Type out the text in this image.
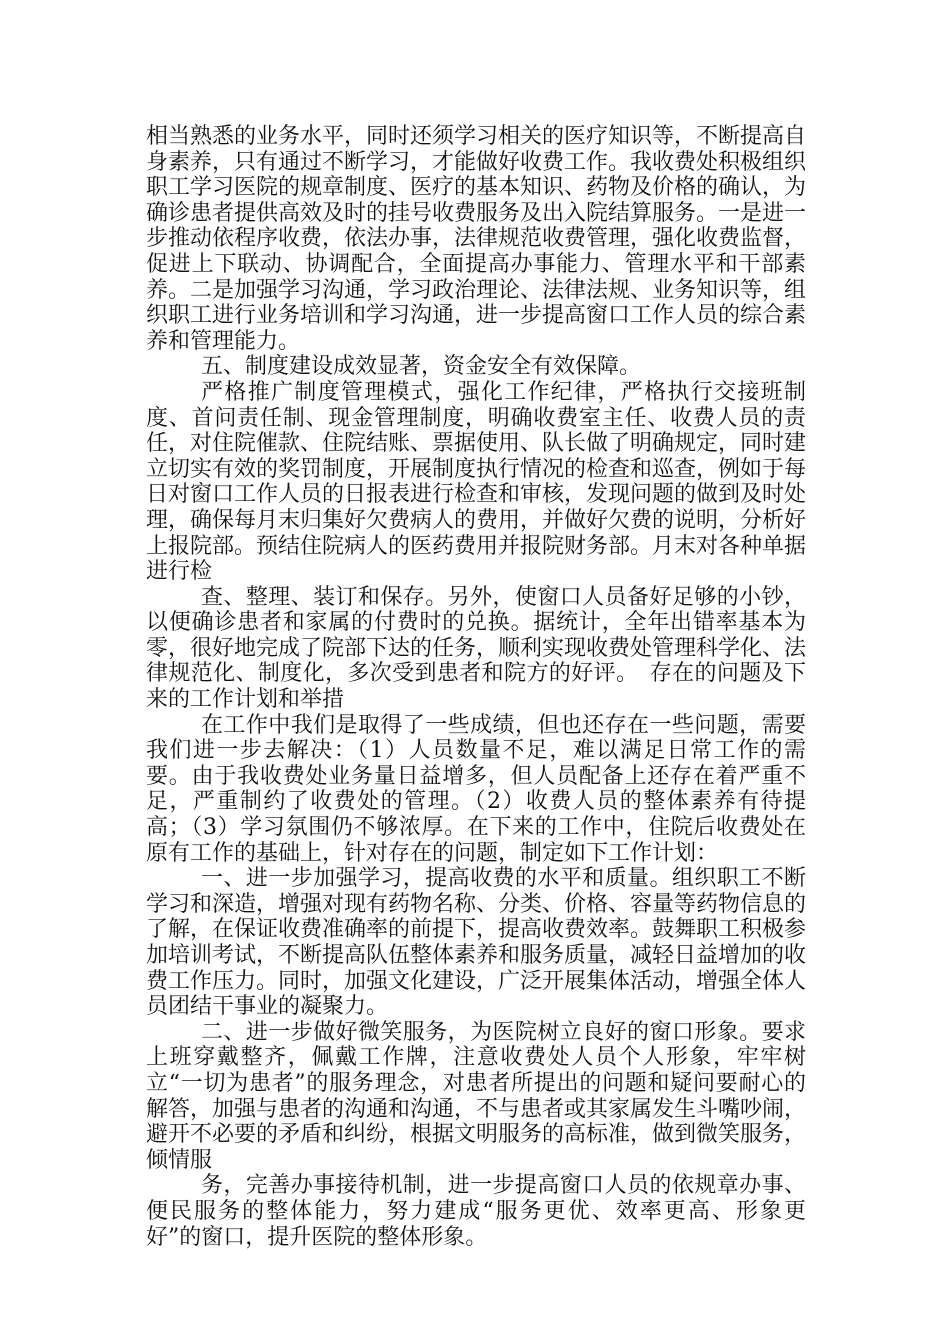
相当熟悉的业务水平，同时还须学习相关的医疗知识等，不断提高自身素养，只有通过不断学习，才能做好收费工作。我收费处积极组织职工学习医院的规章制度、医疗的基本知识、药物及价格的确认，为确诊患者提供高效及时的挂号收费服务及出入院结算服务。一是进一步推动依程序收费，依法办事，法律规范收费管理，强化收费监督，促进上下联动、协调配合，全面提高办事能力、管理水平和干部素养。二是加强学习沟通，学习政治理论、法律法规、业务知识等，组织职工进行业务培训和学习沟通，进一步提高窗口工作人员的综合素养和管理能力。

五、制度建设成效显著，资金安全有效保障。

严格推广制度管理模式，强化工作纪律，严格执行交接班制度、首问责任制、现金管理制度，明确收费室主任、收费人员的责任，对住院催款、住院结账、票据使用、队长做了明确规定，同时建立切实有效的奖罚制度，开展制度执行情况的检查和巡查，例如于每日对窗口工作人员的日报表进行检查和审核，发现问题的做到及时处理，确保每月末归集好欠费病人的费用，并做好欠费的说明，分析好上报院部。预结住院病人的医药费用并报院财务部。月末对各种单据进行检

查、整理、装订和保存。另外，使窗口人员备好足够的小钞，以便确诊患者和家属的付费时的兑换。据统计，全年出错率基本为零，很好地完成了院部下达的任务，顺利实现收费处管理科学化、法律规范化、制度化，多次受到患者和院方的好评。　存在的问题及下来的工作计划和举措

在工作中我们是取得了一些成绩，但也还存在一些问题，需要我们进一步去解决：（1）人员数量不足，难以满足日常工作的需要。由于我收费处业务量日益增多，但人员配备上还存在着严重不足，严重制约了收费处的管理。（2）收费人员的整体素养有待提高；（3）学习氛围仍不够浓厚。在下来的工作中，住院后收费处在原有工作的基础上，针对存在的问题，制定如下工作计划：

一、进一步加强学习，提高收费的水平和质量。组织职工不断学习和深造，增强对现有药物名称、分类、价格、容量等药物信息的了解，在保证收费准确率的前提下，提高收费效率。鼓舞职工积极参加培训考试，不断提高队伍整体素养和服务质量，减轻日益增加的收费工作压力。同时，加强文化建设，广泛开展集体活动，增强全体人员团结干事业的凝聚力。

二、进一步做好微笑服务，为医院树立良好的窗口形象。要求上班穿戴整齐，佩戴工作牌，注意收费处人员个人形象，牢牢树立“一切为患者”的服务理念，对患者所提出的问题和疑问要耐心的解答，加强与患者的沟通和沟通，不与患者或其家属发生斗嘴吵闹，避开不必要的矛盾和纠纷，根据文明服务的高标准，做到微笑服务，倾情服

务，完善办事接待机制，进一步提高窗口人员的依规章办事、便民服务的整体能力，努力建成“服务更优、效率更高、形象更好”的窗口，提升医院的整体形象。
